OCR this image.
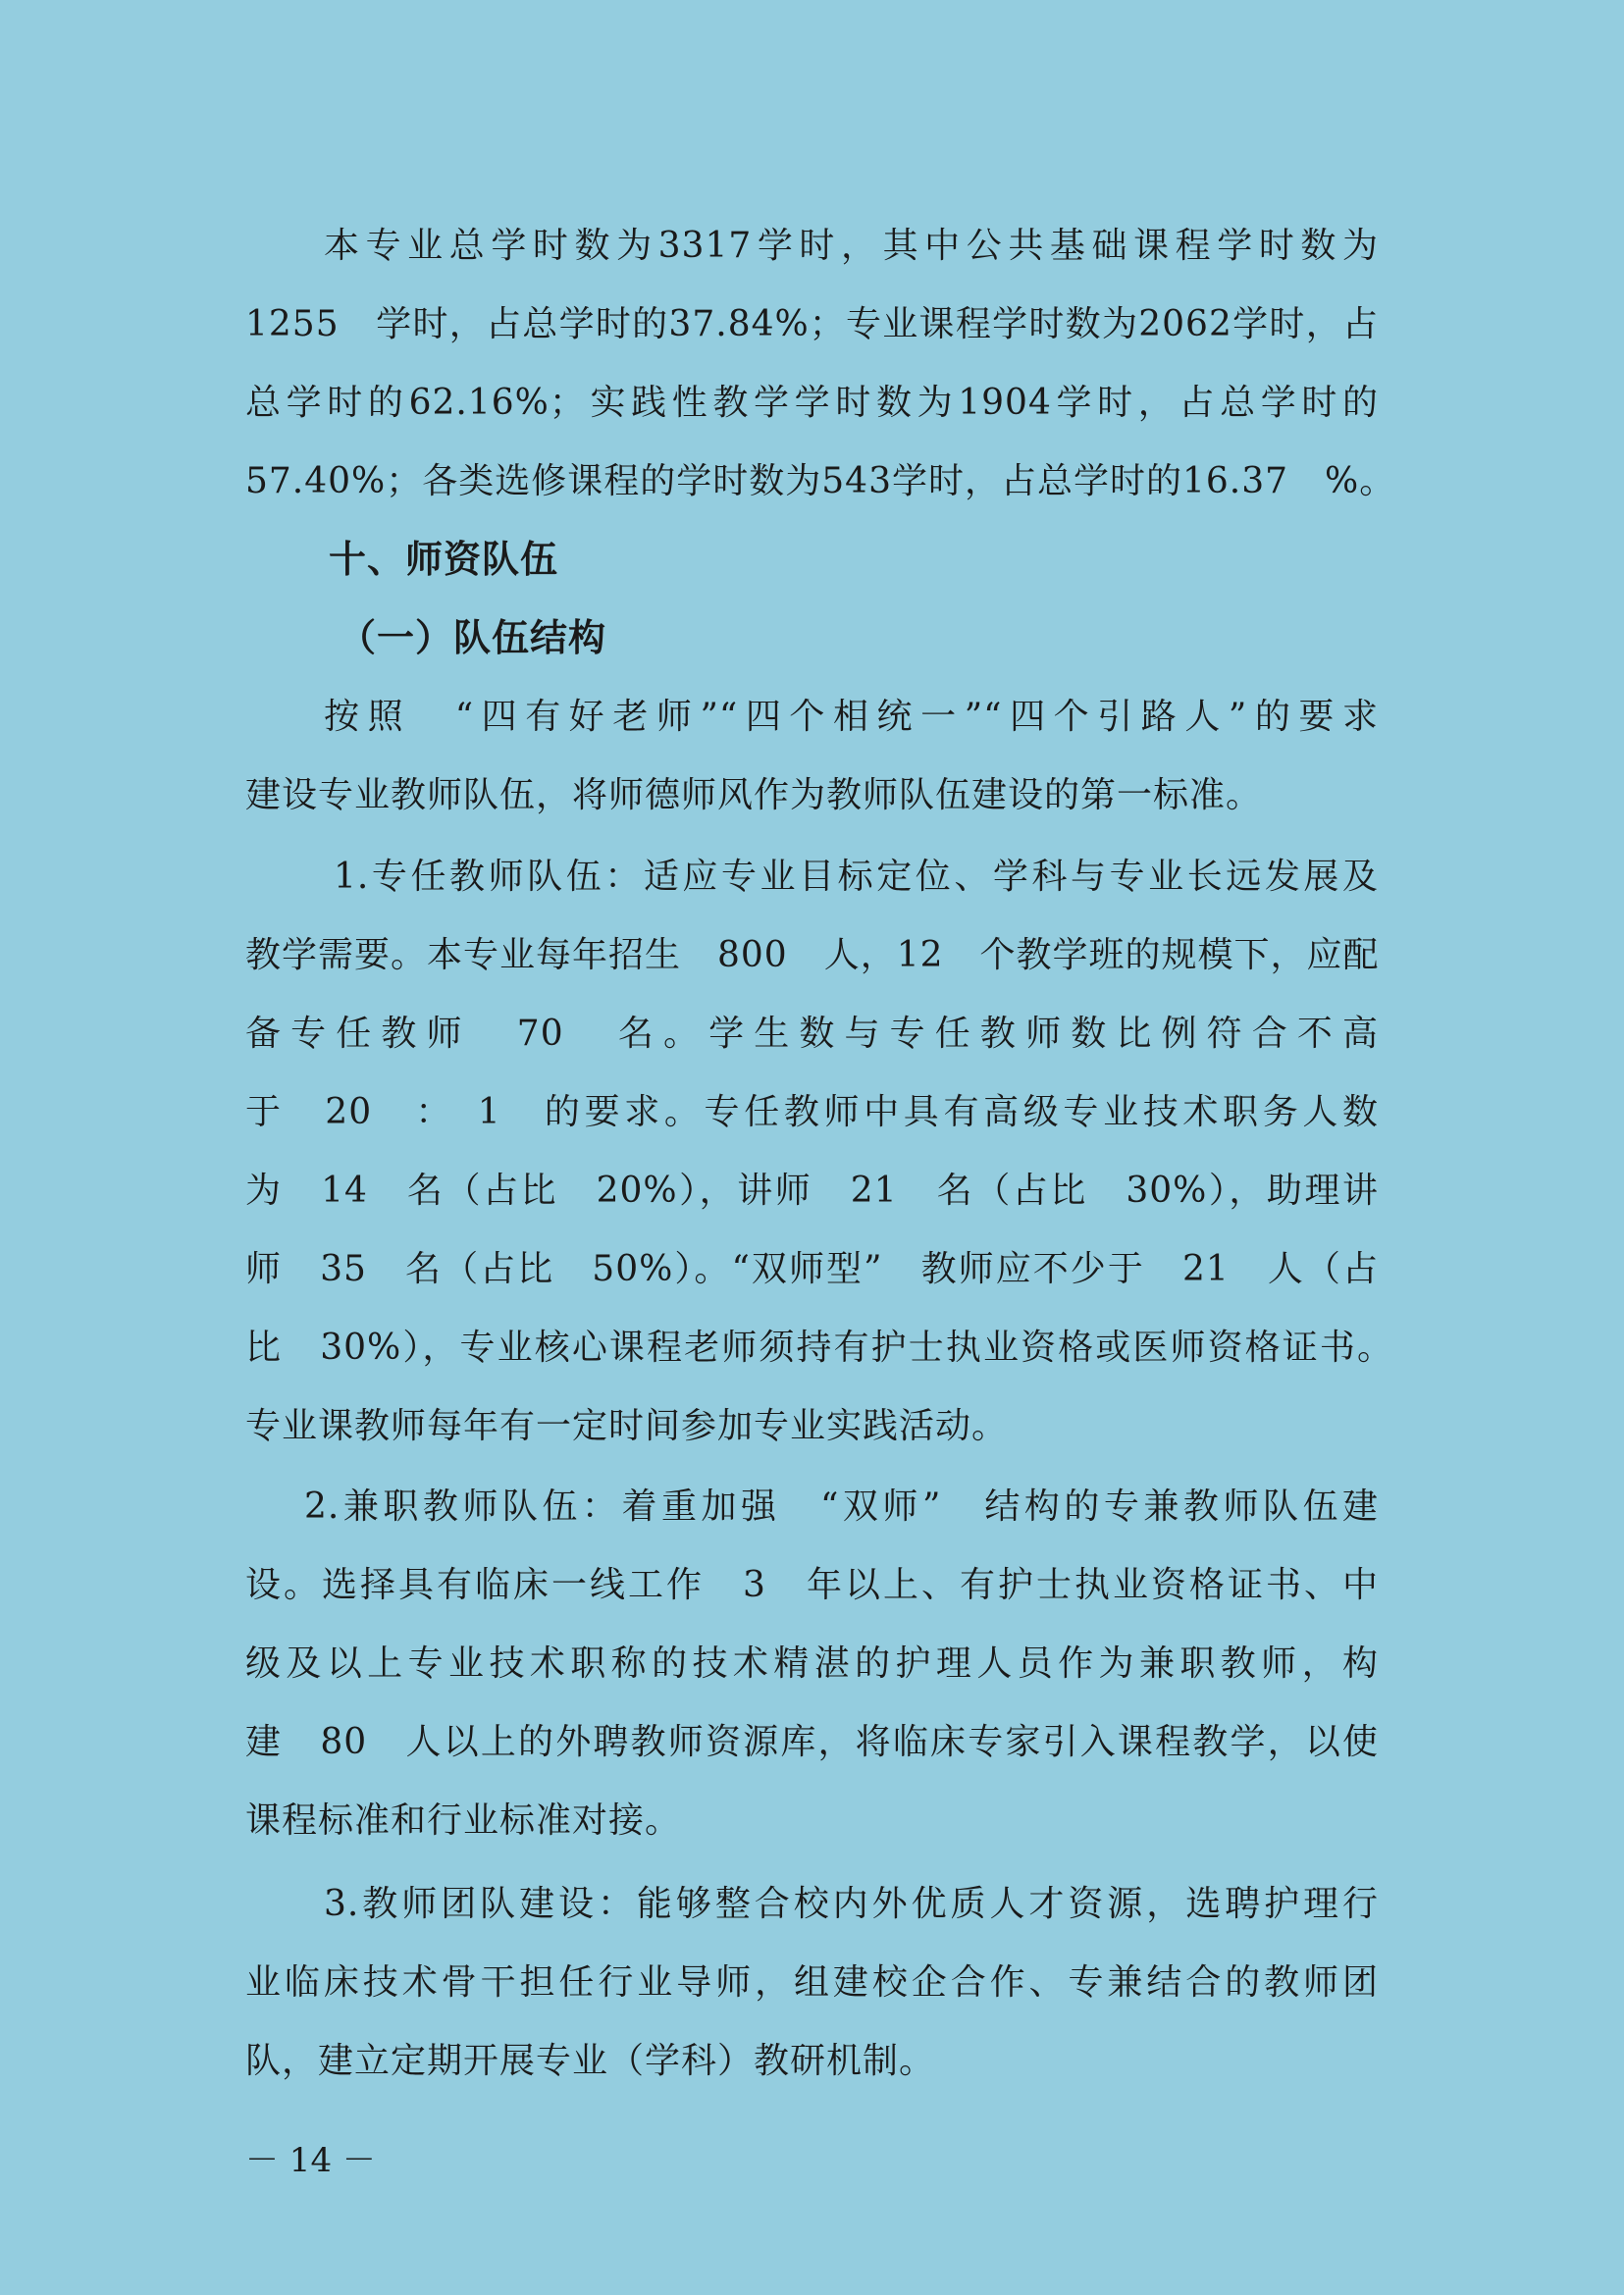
本专业总学时数为3317学时，其中公共基础课程学时数为
1255　学时，占总学时的37.84%；专业课程学时数为2062学时，占
总学时的62.16%；实践性教学学时数为1904学时，占总学时的
57.40%；各类选修课程的学时数为543学时，占总学时的16.37　%。
十、师资队伍
（一）队伍结构
按照　“四有好老师”“四个相统一”“四个引路人”的要求
建设专业教师队伍，将师德师风作为教师队伍建设的第一标准。
1.专任教师队伍：适应专业目标定位、学科与专业长远发展及
教学需要。本专业每年招生　800　人，12　个教学班的规模下，应配
备专任教师　70　名。学生数与专任教师数比例符合不高
于　20　：　1　的要求。专任教师中具有高级专业技术职务人数
为　14　名（占比　20%），讲师　21　名（占比　30%），助理讲
师　35　名（占比　50%）。“双师型”　教师应不少于　21　人（占
比　30%），专业核心课程老师须持有护士执业资格或医师资格证书。
专业课教师每年有一定时间参加专业实践活动。
2.兼职教师队伍：着重加强　“双师”　结构的专兼教师队伍建
设。选择具有临床一线工作　3　年以上、有护士执业资格证书、中
级及以上专业技术职称的技术精湛的护理人员作为兼职教师，构
建　80　人以上的外聘教师资源库，将临床专家引入课程教学，以使
课程标准和行业标准对接。
3.教师团队建设：能够整合校内外优质人才资源，选聘护理行
业临床技术骨干担任行业导师，组建校企合作、专兼结合的教师团
队，建立定期开展专业（学科）教研机制。
－ 14 －
